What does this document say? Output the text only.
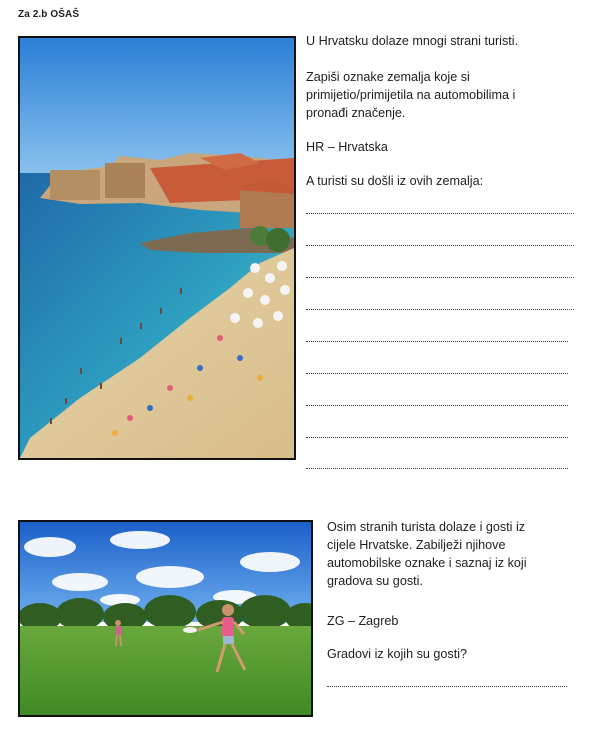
Za 2.b OŠAŠ

U Hrvatsku dolaze mnogi strani turisti.

Zapiši oznake zemalja koje si
primijetio/primijetila na automobilima i
pronađi značenje.
HR – Hrvatska
A turisti su došli iz ovih zemalja:
Osim stranih turista dolaze i gosti iz
cijele Hrvatske. Zabilježi njihove
automobilske oznake i saznaj iz koji
gradova su gosti.
ZG – Zagreb
Gradovi iz kojih su gosti?
